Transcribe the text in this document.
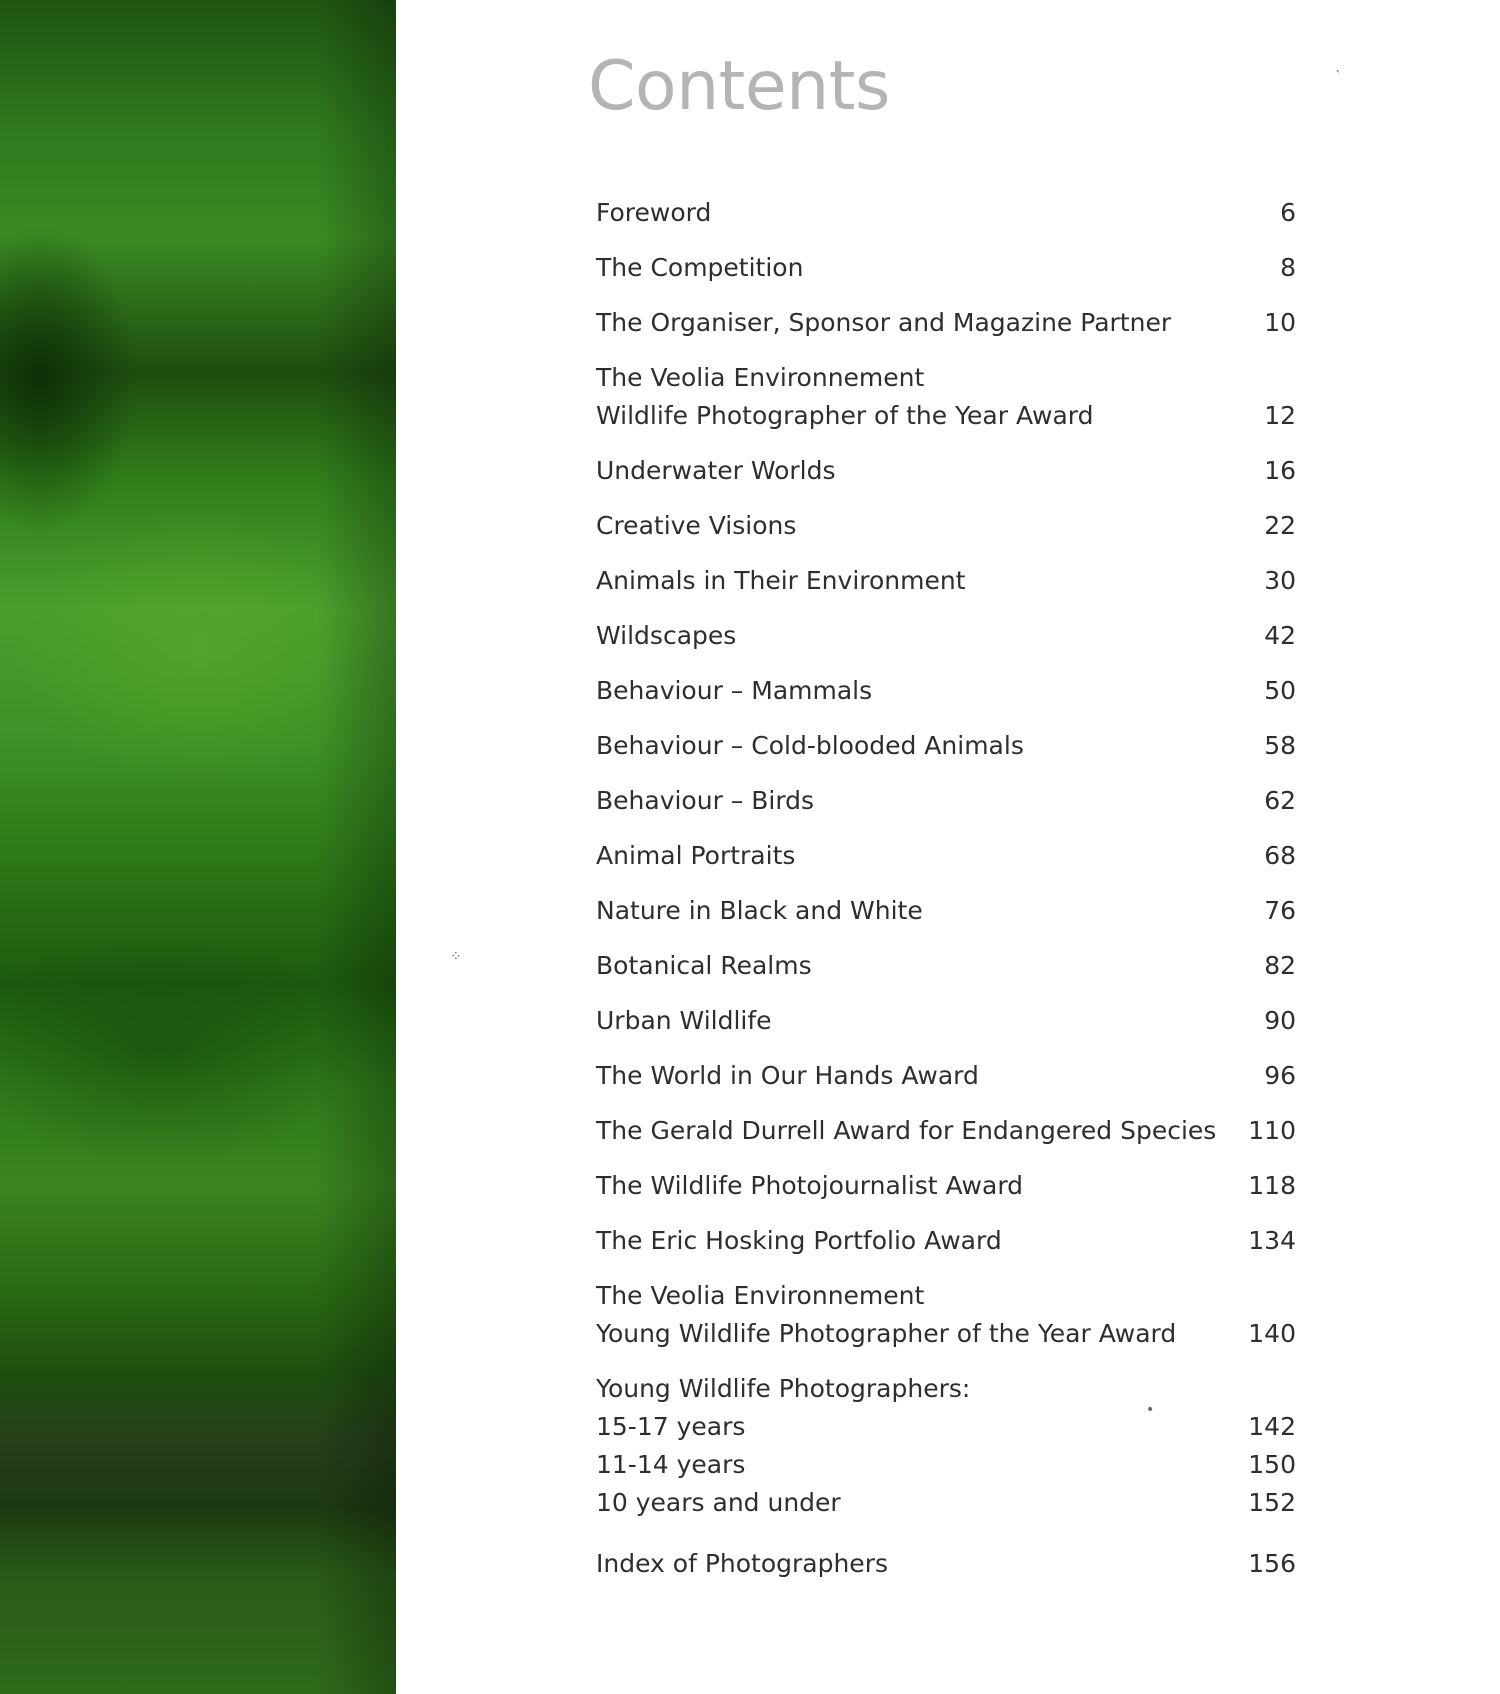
⁘
ˎ
•
Contents
Foreword	6
The Competition	8
The Organiser, Sponsor and Magazine Partner	10
The Veolia Environnement
Wildlife Photographer of the Year Award	12
Underwater Worlds	16
Creative Visions	22
Animals in Their Environment	30
Wildscapes	42
Behaviour – Mammals	50
Behaviour – Cold-blooded Animals	58
Behaviour – Birds	62
Animal Portraits	68
Nature in Black and White	76
Botanical Realms	82
Urban Wildlife	90
The World in Our Hands Award	96
The Gerald Durrell Award for Endangered Species 110
The Wildlife Photojournalist Award	118
The Eric Hosking Portfolio Award	134
The Veolia Environnement
Young Wildlife Photographer of the Year Award	140
Young Wildlife Photographers:
15-17 years	142
11-14 years	150
10 years and under	152
Index of Photographers	156
